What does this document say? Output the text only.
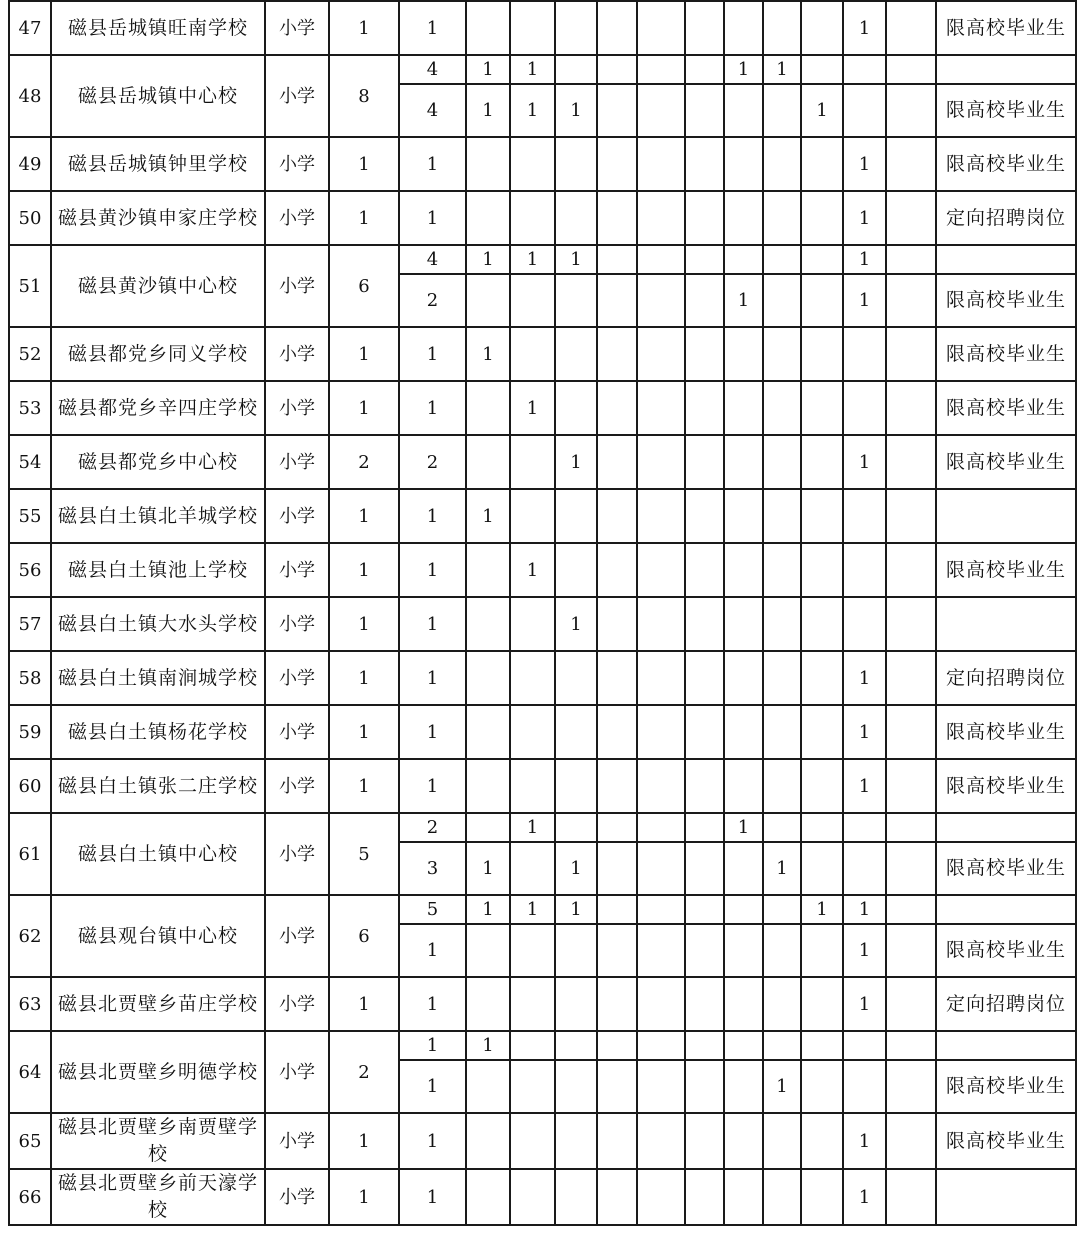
47	磁县岳城镇旺南学校	小学	1	1										1		限高校毕业生
48	磁县岳城镇中心校	小学	8	4	1	1					1	1				
				4	1	1	1						1			限高校毕业生
49	磁县岳城镇钟里学校	小学	1	1										1		限高校毕业生
50	磁县黄沙镇申家庄学校	小学	1	1										1		定向招聘岗位
51	磁县黄沙镇中心校	小学	6	4	1	1	1							1		
				2							1			1		限高校毕业生
52	磁县都党乡同义学校	小学	1	1	1											限高校毕业生
53	磁县都党乡辛四庄学校	小学	1	1		1										限高校毕业生
54	磁县都党乡中心校	小学	2	2			1							1		限高校毕业生
55	磁县白土镇北羊城学校	小学	1	1	1											
56	磁县白土镇池上学校	小学	1	1		1										限高校毕业生
57	磁县白土镇大水头学校	小学	1	1			1									
58	磁县白土镇南涧城学校	小学	1	1										1		定向招聘岗位
59	磁县白土镇杨花学校	小学	1	1										1		限高校毕业生
60	磁县白土镇张二庄学校	小学	1	1										1		限高校毕业生
61	磁县白土镇中心校	小学	5	2		1					1					
				3	1		1					1				限高校毕业生
62	磁县观台镇中心校	小学	6	5	1	1	1						1	1		
				1										1		限高校毕业生
63	磁县北贾壁乡苗庄学校	小学	1	1										1		定向招聘岗位
64	磁县北贾壁乡明德学校	小学	2	1	1											
				1								1				限高校毕业生
65	磁县北贾壁乡南贾壁学校	小学	1	1										1		限高校毕业生
66	磁县北贾壁乡前天濠学校	小学	1	1										1		
